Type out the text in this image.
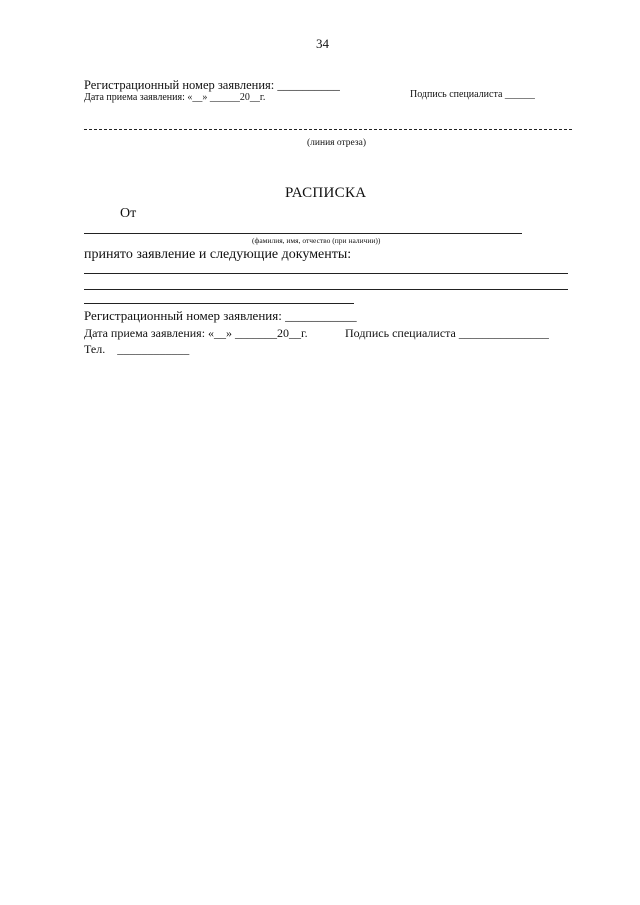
34
Регистрационный номер заявления: __________
Дата приема заявления: «__» ______20__г.	Подпись специалиста ______
(линия отреза)
РАСПИСКА
От
(фамилия, имя, отчество (при наличии))
принято заявление и следующие документы:
Регистрационный номер заявления: ___________
Дата приема заявления: «__» _______20__г.	Подпись специалиста _______________
Тел.    ____________
